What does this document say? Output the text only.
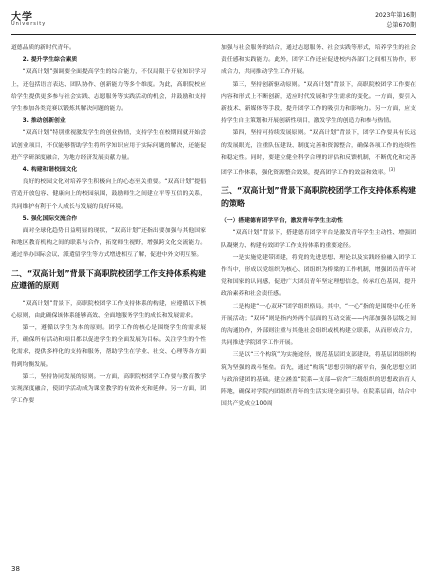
大学
University
2023年第16期
总第670期

道德品质的新时代青年。

2. 提升学生综合素质

“双高计划”强调要全面提高学生的综合能力，不仅局限于专业知识学习上，还包括语言表达、团队协作、创新能力等多个维度。为此，高职院校应给学生提供更多参与社会实践、志愿服务等实践活动的机会，并鼓励和支持学生参加各类竞赛以锻炼其解决问题的能力。

3. 推动创新创业

“双高计划”特别重视激发学生的创业热情，支持学生在校期间就开始尝试创业项目，不仅能够帮助学生将所学知识应用于实际问题的解决，还能促进产学研深度融合，为地方经济发展贡献力量。

4. 构建和谐校园文化

良好的校园文化对培养学生积极向上的心态至关重要。“双高计划”提倡营造开放包容、健康向上的校园氛围，鼓励师生之间建立平等互信的关系，共同维护有利于个人成长与发展的良好环境。

5. 强化国际交流合作

面对全球化趋势日益明显的现状，“双高计划”还指出要加强与其他国家和地区教育机构之间的联系与合作，拓宽师生视野，增强跨文化交流能力。通过举办国际会议、派遣留学生等方式增进相互了解，促进中外文明互鉴。

二、“双高计划”背景下高职院校团学工作支持体系构建应遵循的原则

“双高计划”背景下，高职院校团学工作支持体系的构建，应遵循以下核心原则，由此确保该体系能够高效、全面地服务学生的成长和发展需求。

第一，遵循以学生为本的原则。团学工作的核心是围绕学生的需求展开，确保所有活动和项目都以促进学生的全面发展为目标。关注学生的个性化需求，提供多样化的支持和服务，帮助学生在学业、社交、心理等各方面得到均衡发展。

第二，坚持协同发展的原则。一方面，高职院校团学工作要与教育教学实现深度融合，使团学活动成为课堂教学的有效补充和延伸。另一方面，团学工作要

加强与社会服务的结合，通过志愿服务、社会实践等形式，培养学生的社会责任感和实践能力。此外，团学工作还应促进校内各部门之间相互协作，形成合力，共同推动学生工作开展。

第三，坚持创新驱动原则。“双高计划”背景下，高职院校团学工作要在内容和形式上不断创新，适应时代发展和学生需求的变化。一方面，要引入新技术、新媒体等手段，提升团学工作的吸引力和影响力。另一方面，应支持学生自主策划和开展创新性项目，激发学生的创造力和参与热情。

第四，坚持可持续发展原则。“双高计划”背景下，团学工作要具有长远的发展眼光，注重队伍建设、制度完善和资源整合，确保各项工作的连续性和稳定性。同时，要建立健全科学合理的评估和反馈机制，不断优化和完善团学工作体系，强化资源整合效果，提高团学工作的效益和效率。[3]

三、“双高计划”背景下高职院校团学工作支持体系构建的策略

（一）搭建德育团学平台，激发青年学生主动性

“双高计划”背景下，搭建德育团学平台是激发青年学生主动性、增强团队凝聚力、构建有效团学工作支持体系的重要途径。

一是实施党建带团建，将党的先进思想、理论以及实践经验融入团学工作当中，形成以党组织为核心、团组织为桥梁的工作机制，增强团员青年对党和国家的认同感，促进广大团员青年坚定理想信念，传承红色基因，提升政治素养和社会责任感。

二是构建“一心双环”团学组织格局。其中，“一心”指的是围绕中心任务开展活动；“双环”则是指内外两个层面的互动交流——内部加强各层级之间的沟通协作，外部则注重与其他社会组织或机构建立联系，从而形成合力，共同推进学院团学工作开展。

三是以“三个构筑”为实施途径，规范基层团支部建设，将基层团组织构筑为坚强的战斗堡垒。首先，通过“构筑”思想引领的新平台，强化思想立团与政治建团的基础。建立涵盖“院系—支部—宿舍”三级组织的思想政治育人阵地，确保对学院内团组织青年的生活实现全面引导。在院系层面，结合中国共产党成立100周

38
